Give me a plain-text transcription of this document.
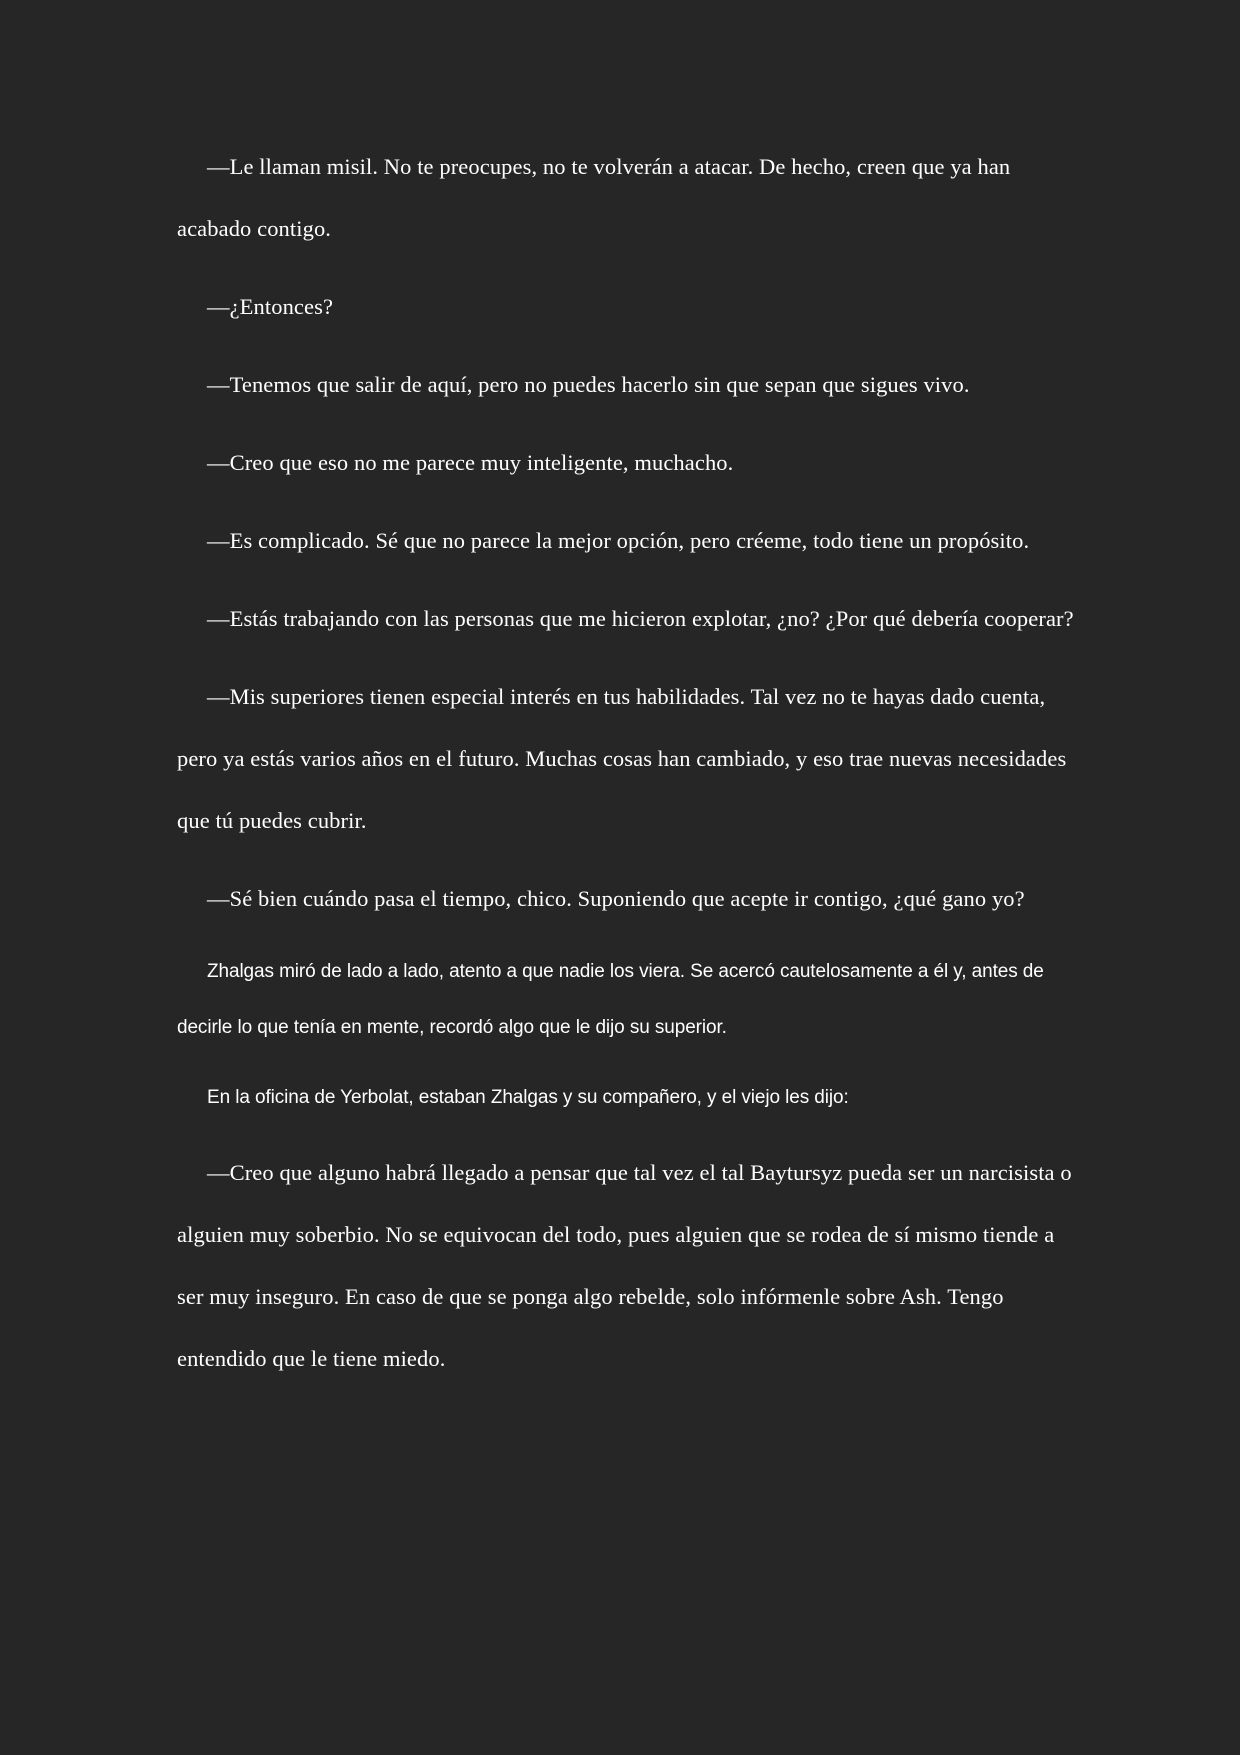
—Le llaman misil. No te preocupes, no te volverán a atacar. De hecho, creen que ya han acabado contigo.

—¿Entonces?

—Tenemos que salir de aquí, pero no puedes hacerlo sin que sepan que sigues vivo.

—Creo que eso no me parece muy inteligente, muchacho.

—Es complicado. Sé que no parece la mejor opción, pero créeme, todo tiene un propósito.

—Estás trabajando con las personas que me hicieron explotar, ¿no? ¿Por qué debería cooperar?

—Mis superiores tienen especial interés en tus habilidades. Tal vez no te hayas dado cuenta, pero ya estás varios años en el futuro. Muchas cosas han cambiado, y eso trae nuevas necesidades que tú puedes cubrir.

—Sé bien cuándo pasa el tiempo, chico. Suponiendo que acepte ir contigo, ¿qué gano yo?

Zhalgas miró de lado a lado, atento a que nadie los viera. Se acercó cautelosamente a él y, antes de decirle lo que tenía en mente, recordó algo que le dijo su superior.

En la oficina de Yerbolat, estaban Zhalgas y su compañero, y el viejo les dijo:

—Creo que alguno habrá llegado a pensar que tal vez el tal Baytursyz pueda ser un narcisista o alguien muy soberbio. No se equivocan del todo, pues alguien que se rodea de sí mismo tiende a ser muy inseguro. En caso de que se ponga algo rebelde, solo infórmenle sobre Ash. Tengo entendido que le tiene miedo.
